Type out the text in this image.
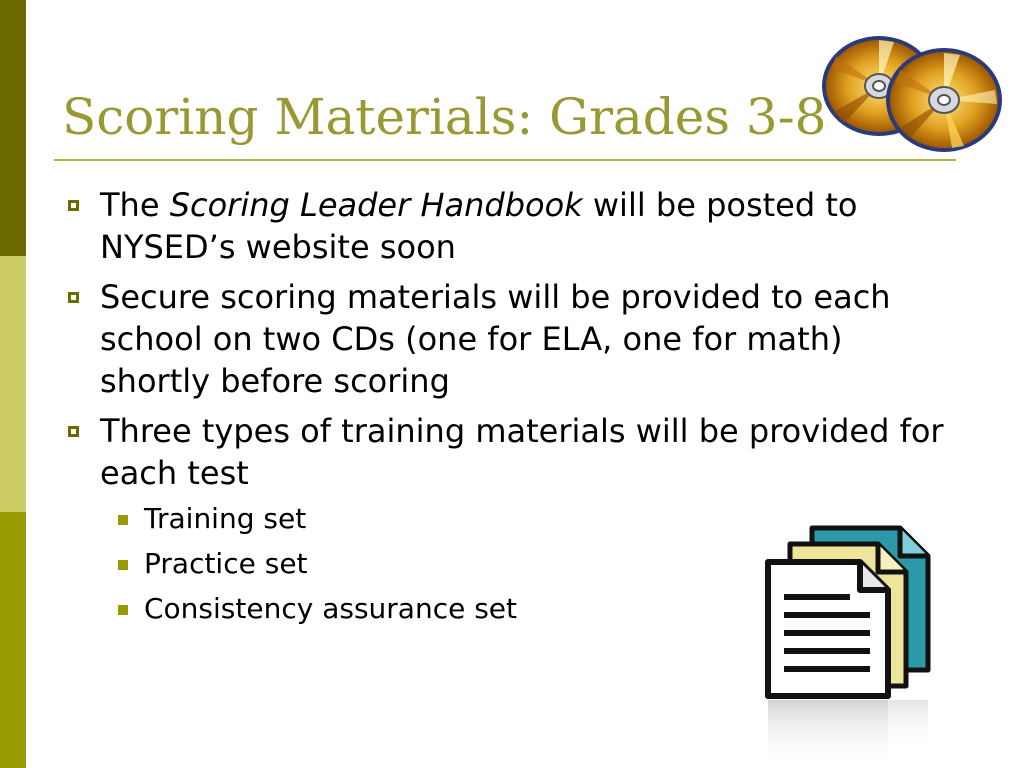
Scoring Materials: Grades 3-8
The Scoring Leader Handbook will be posted to NYSED’s website soon
Secure scoring materials will be provided to each school on two CDs (one for ELA, one for math) shortly before scoring
Three types of training materials will be provided for each test
Training set
Practice set
Consistency assurance set
